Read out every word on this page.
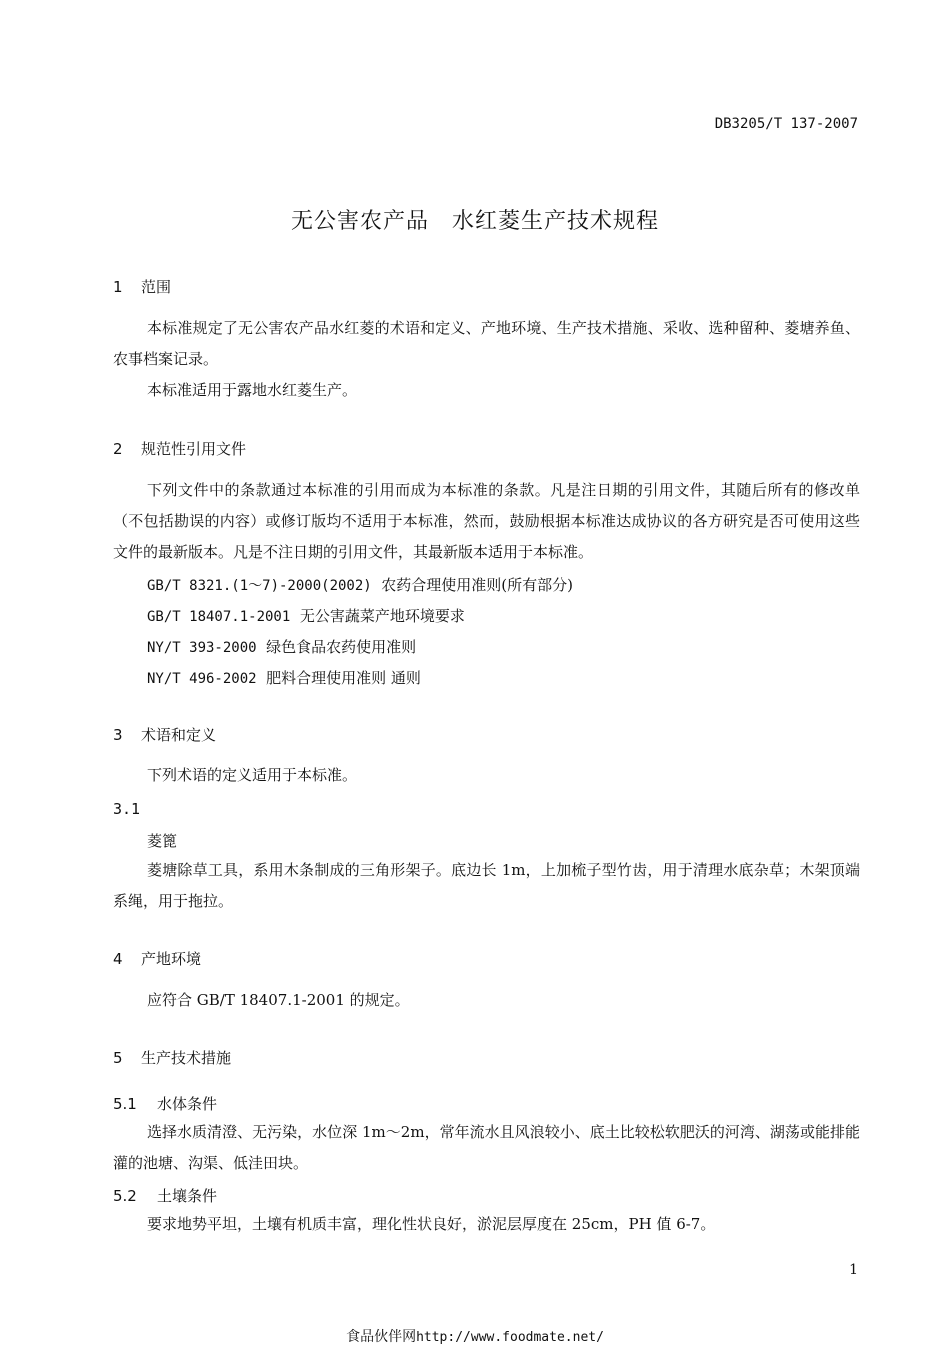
DB3205/T 137-2007
无公害农产品　水红菱生产技术规程
1 范围
本标准规定了无公害农产品水红菱的术语和定义、产地环境、生产技术措施、采收、选种留种、菱塘养鱼、农事档案记录。
本标准适用于露地水红菱生产。
2 规范性引用文件
下列文件中的条款通过本标准的引用而成为本标准的条款。凡是注日期的引用文件，其随后所有的修改单（不包括勘误的内容）或修订版均不适用于本标准，然而，鼓励根据本标准达成协议的各方研究是否可使用这些文件的最新版本。凡是不注日期的引用文件，其最新版本适用于本标准。
GB/T 8321.(1～7)-2000(2002) 农药合理使用准则(所有部分)
GB/T 18407.1-2001 无公害蔬菜产地环境要求
NY/T 393-2000 绿色食品农药使用准则
NY/T 496-2002 肥料合理使用准则 通则
3 术语和定义
下列术语的定义适用于本标准。
3.1
菱篦
菱塘除草工具，系用木条制成的三角形架子。底边长 1m，上加梳子型竹齿，用于清理水底杂草；木架顶端系绳，用于拖拉。
4 产地环境
应符合 GB/T 18407.1-2001 的规定。
5 生产技术措施
5.1 水体条件
选择水质清澄、无污染，水位深 1m～2m，常年流水且风浪较小、底土比较松软肥沃的河湾、湖荡或能排能灌的池塘、沟渠、低洼田块。
5.2 土壤条件
要求地势平坦，土壤有机质丰富，理化性状良好，淤泥层厚度在 25cm，PH 值 6-7。
1
食品伙伴网http://www.foodmate.net/
